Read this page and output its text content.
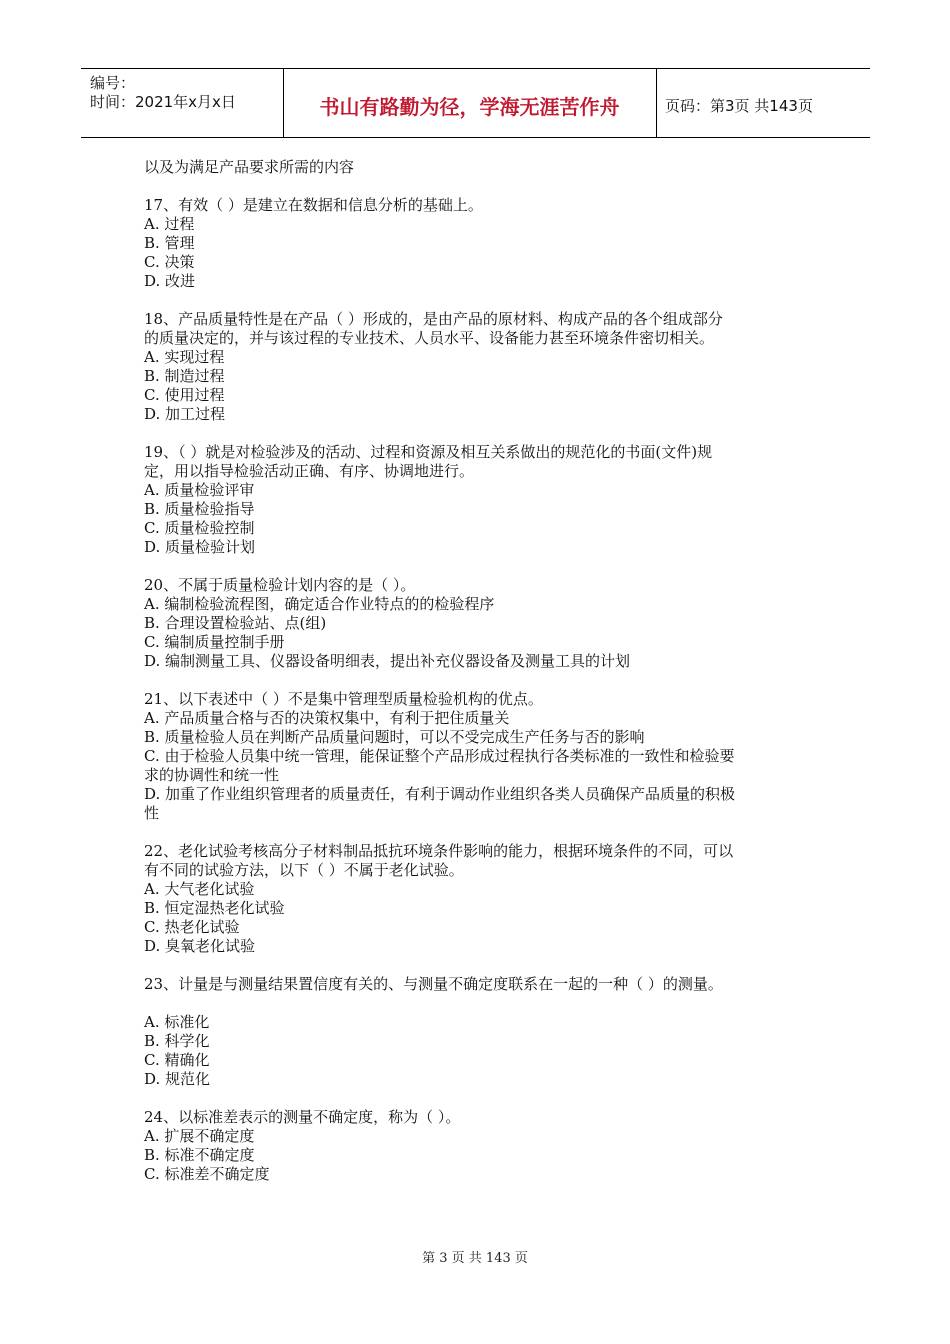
编号：
时间：2021年x月x日	书山有路勤为径，学海无涯苦作舟	页码：第3页 共143页

以及为满足产品要求所需的内容

17、有效（ ）是建立在数据和信息分析的基础上。

A. 过程

B. 管理

C. 决策

D. 改进

18、产品质量特性是在产品（ ）形成的，是由产品的原材料、构成产品的各个组成部分

的质量决定的，并与该过程的专业技术、人员水平、设备能力甚至环境条件密切相关。

A. 实现过程

B. 制造过程

C. 使用过程

D. 加工过程

19、（ ）就是对检验涉及的活动、过程和资源及相互关系做出的规范化的书面(文件)规

定，用以指导检验活动正确、有序、协调地进行。

A. 质量检验评审

B. 质量检验指导

C. 质量检验控制

D. 质量检验计划

20、不属于质量检验计划内容的是（ ）。

A. 编制检验流程图，确定适合作业特点的的检验程序

B. 合理设置检验站、点(组)

C. 编制质量控制手册

D. 编制测量工具、仪器设备明细表，提出补充仪器设备及测量工具的计划

21、以下表述中（ ）不是集中管理型质量检验机构的优点。

A. 产品质量合格与否的决策权集中，有利于把住质量关

B. 质量检验人员在判断产品质量问题时，可以不受完成生产任务与否的影响

C. 由于检验人员集中统一管理，能保证整个产品形成过程执行各类标准的一致性和检验要

求的协调性和统一性

D. 加重了作业组织管理者的质量责任，有利于调动作业组织各类人员确保产品质量的积极

性

22、老化试验考核高分子材料制品抵抗环境条件影响的能力，根据环境条件的不同，可以

有不同的试验方法，以下（ ）不属于老化试验。

A. 大气老化试验

B. 恒定湿热老化试验

C. 热老化试验

D. 臭氧老化试验

23、计量是与测量结果置信度有关的、与测量不确定度联系在一起的一种（ ）的测量。

A. 标准化

B. 科学化

C. 精确化

D. 规范化

24、以标准差表示的测量不确定度，称为（ ）。

A. 扩展不确定度

B. 标准不确定度

C. 标准差不确定度

第 3 页 共 143 页
